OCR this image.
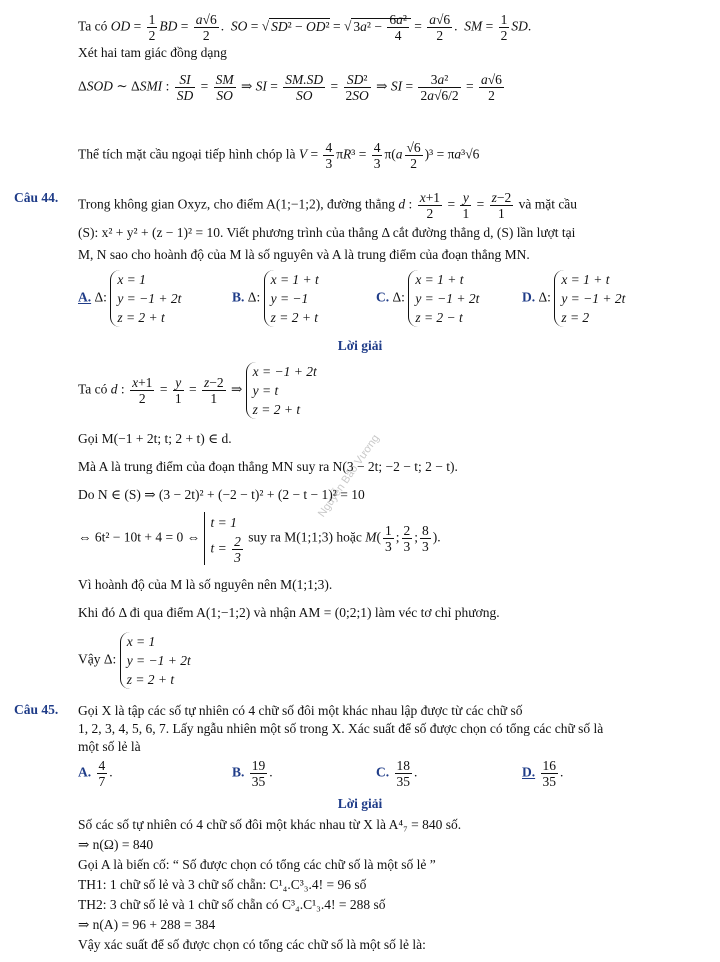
Nguyễn Bảo Vương
Ta có OD = $\frac{1}{2}$ BD = $\frac{a√6}{2}$ .  SO = √ SD² − OD² = √ $3a^2 - \frac{\text{6a²}}{4} = \frac{a√6}{2}$ .  SM = $\frac{1}{2}$ SD.
Xét hai tam giác đồng dạng
ΔSOD ∼ ΔSMI : $\frac{SI}{SD} = \frac{SM}{SO}$ ⇒ SI = $\frac{SM.SD}{SO} = \frac{\text{SD²}}{2SO}$ ⇒ SI = $\frac{\text{3a²}}{2a√6/2} = \frac{a√6}{2}$
Thể tích mặt cầu ngoại tiếp hình chóp là $V = \frac{4}{3} \pi R^3 = \frac{4}{3} \pi(a \frac{√6}{2} )^3 = \pi a^3√6$
Câu 44. Trong không gian Oxyz, cho điểm A(1;−1;2), đường thẳng d : $\frac{x+1}{2} = \frac{y}{1} = \frac{z-2}{1}$ và mặt cầu
(S): x² + y² + (z − 1)² = 10. Viết phương trình của thẳng Δ cắt đường thẳng d, (S) lần lượt tại
M, N sao cho hoành độ của M là số nguyên và A là trung điểm của đoạn thẳng MN.
A. Δ:
x = 1
y = −1 + 2t
z = 2 + t
B. Δ:
x = 1 + t
y = −1
z = 2 + t
C. Δ:
x = 1 + t
y = −1 + 2t
z = 2 − t
D. Δ:
x = 1 + t
y = −1 + 2t
z = 2
Lời giải
Ta có d : $\frac{x+1}{2} = \frac{y}{1} = \frac{z-2}{1}$ ⇒
x = −1 + 2t
y = t
z = 2 + t
Gọi M(−1 + 2t; t; 2 + t) ∈ d.
Mà A là trung điểm của đoạn thẳng MN suy ra N(3 − 2t; −2 − t; 2 − t).
Do N ∈ (S) ⇒ (3 − 2t)² + (−2 − t)² + (2 − t − 1)² = 10
⇔ 6t² − 10t + 4 = 0 ⇔
t = 1
$t = \frac{2}{3}$ suy ra M(1;1;3) hoặc $M( \frac{1}{3}$ ; $\frac{2}{3}$ ; $\frac{8}{3}$ ).
Vì hoành độ của M là số nguyên nên M(1;1;3).
Khi đó Δ đi qua điểm A(1;−1;2) và nhận AM = (0;2;1) làm véc tơ chỉ phương.
Vậy Δ:
x = 1
y = −1 + 2t
z = 2 + t
Câu 45. Gọi X là tập các số tự nhiên có 4 chữ số đôi một khác nhau lập được từ các chữ số
1, 2, 3, 4, 5, 6, 7. Lấy ngẫu nhiên một số trong X. Xác suất để số được chọn có tổng các chữ số là
một số lẻ là
A. $\frac{4}{7}$ .	B. $\frac{19}{35}$ .	C. $\frac{18}{35}$ .	D. $\frac{16}{35}$ .
Lời giải
Số các số tự nhiên có 4 chữ số đôi một khác nhau từ X là A⁴₇ = 840 số.
⇒ n(Ω) = 840
Gọi A là biến cố: “ Số được chọn có tổng các chữ số là một số lẻ ”
TH1: 1 chữ số lẻ và 3 chữ số chẵn: C¹₄.C³₃.4! = 96 số
TH2: 3 chữ số lẻ và 1 chữ số chẵn có C³₄.C¹₃.4! = 288 số
⇒ n(A) = 96 + 288 = 384
Vậy xác suất để số được chọn có tổng các chữ số là một số lẻ là:
